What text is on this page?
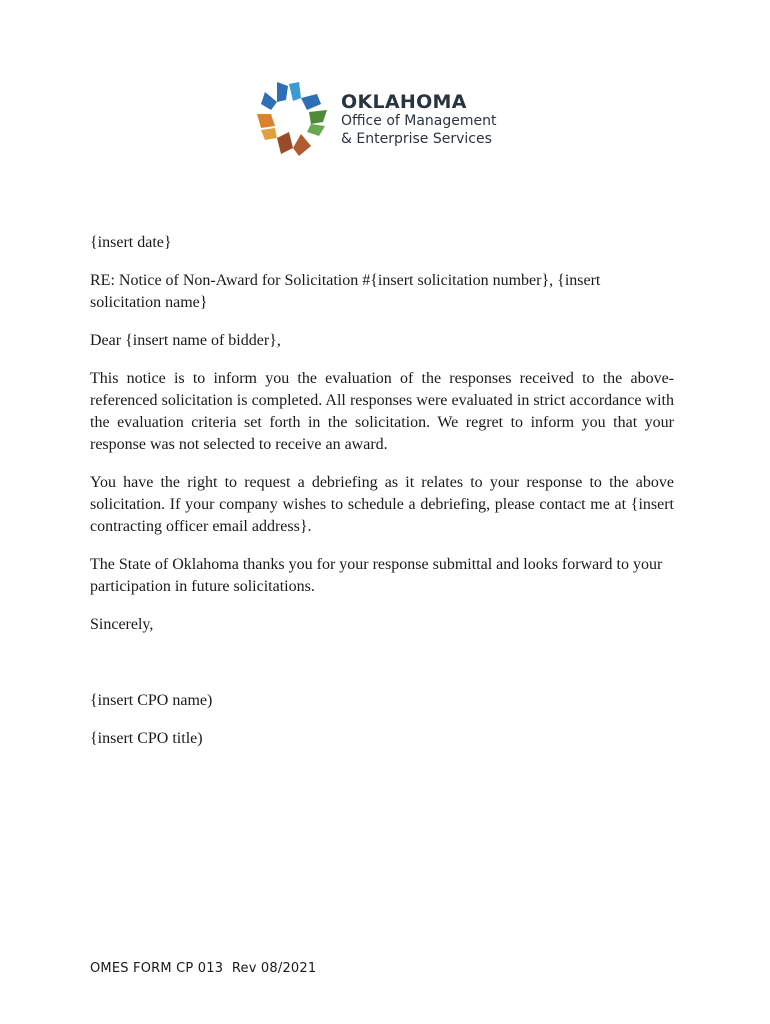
OKLAHOMA
Office of Management
& Enterprise Services

{insert date}

RE: Notice of Non-Award for Solicitation #{insert solicitation number}, {insert solicitation name}

Dear {insert name of bidder},

This notice is to inform you the evaluation of the responses received to the above-referenced solicitation is completed. All responses were evaluated in strict accordance with the evaluation criteria set forth in the solicitation. We regret to inform you that your response was not selected to receive an award.

You have the right to request a debriefing as it relates to your response to the above solicitation. If your company wishes to schedule a debriefing, please contact me at {insert contracting officer email address}.

The State of Oklahoma thanks you for your response submittal and looks forward to your participation in future solicitations.

Sincerely,

{insert CPO name)

{insert CPO title)

OMES FORM CP 013  Rev 08/2021
